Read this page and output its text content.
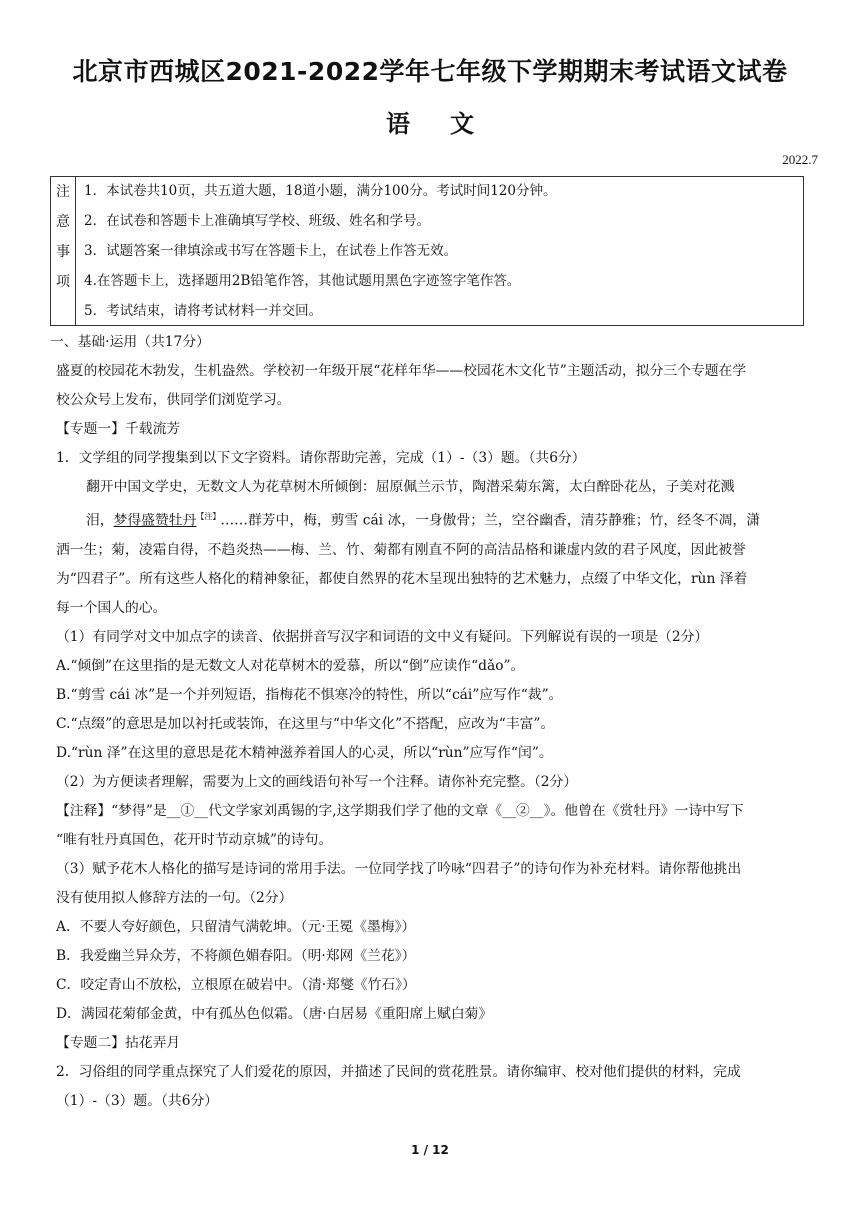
北京市西城区2021-2022学年七年级下学期期末考试语文试卷
语文
2022.7
注
意
事
项
1．本试卷共10页，共五道大题，18道小题，满分100分。考试时间120分钟。
2．在试卷和答题卡上准确填写学校、班级、姓名和学号。
3．试题答案一律填涂或书写在答题卡上，在试卷上作答无效。
4.在答题卡上，选择题用2B铅笔作答，其他试题用黑色字迹签字笔作答。
5．考试结束，请将考试材料一并交回。
一、基础·运用（共17分）
盛夏的校园花木勃发，生机盎然。学校初一年级开展“花样年华——校园花木文化节”主题活动，拟分三个专题在学
校公众号上发布，供同学们浏览学习。
【专题一】千载流芳
1．文学组的同学搜集到以下文字资料。请你帮助完善，完成（1）-（3）题。（共6分）
翻开中国文学史，无数文人为花草树木所倾倒：屈原佩兰示节，陶潜采菊东篱，太白醉卧花丛，子美对花溅
泪，梦得盛赞牡丹$^{【注】}$……群芳中，梅，剪雪 cái 冰，一身傲骨；兰，空谷幽香，清芬静雅；竹，经冬不凋，潇
洒一生；菊，凌霜自得，不趋炎热——梅、兰、竹、菊都有刚直不阿的高洁品格和谦虚内敛的君子风度，因此被誉
为“四君子”。所有这些人格化的精神象征，都使自然界的花木呈现出独特的艺术魅力，点缀了中华文化，rùn 泽着
每一个国人的心。
（1）有同学对文中加点字的读音、依据拼音写汉字和词语的文中义有疑问。下列解说有误的一项是（2分）
A.“倾倒”在这里指的是无数文人对花草树木的爱慕，所以“倒”应读作“dǎo”。
B.“剪雪 cái 冰”是一个并列短语，指梅花不惧寒冷的特性，所以“cái”应写作“裁”。
C.“点缀”的意思是加以衬托或装饰，在这里与“中华文化”不搭配，应改为“丰富”。
D.“rùn 泽”在这里的意思是花木精神滋养着国人的心灵，所以“rùn”应写作“闰”。
（2）为方便读者理解，需要为上文的画线语句补写一个注释。请你补充完整。（2分）
【注释】“梦得”是__①__代文学家刘禹锡的字,这学期我们学了他的文章《__②__》。他曾在《赏牡丹》一诗中写下
“唯有牡丹真国色，花开时节动京城”的诗句。
（3）赋予花木人格化的描写是诗词的常用手法。一位同学找了吟咏“四君子”的诗句作为补充材料。请你帮他挑出
没有使用拟人修辞方法的一句。（2分）
A．不要人夸好颜色，只留清气满乾坤。（元·王冕《墨梅》）
B．我爱幽兰异众芳，不将颜色媚春阳。（明·郑网《兰花》）
C．咬定青山不放松，立根原在破岩中。（清·郑燮《竹石》）
D．满园花菊郁金黄，中有孤丛色似霜。（唐·白居易《重阳席上赋白菊》
【专题二】拈花弄月
2．习俗组的同学重点探究了人们爱花的原因，并描述了民间的赏花胜景。请你编审、校对他们提供的材料，完成
（1）-（3）题。（共6分）
1 / 12
